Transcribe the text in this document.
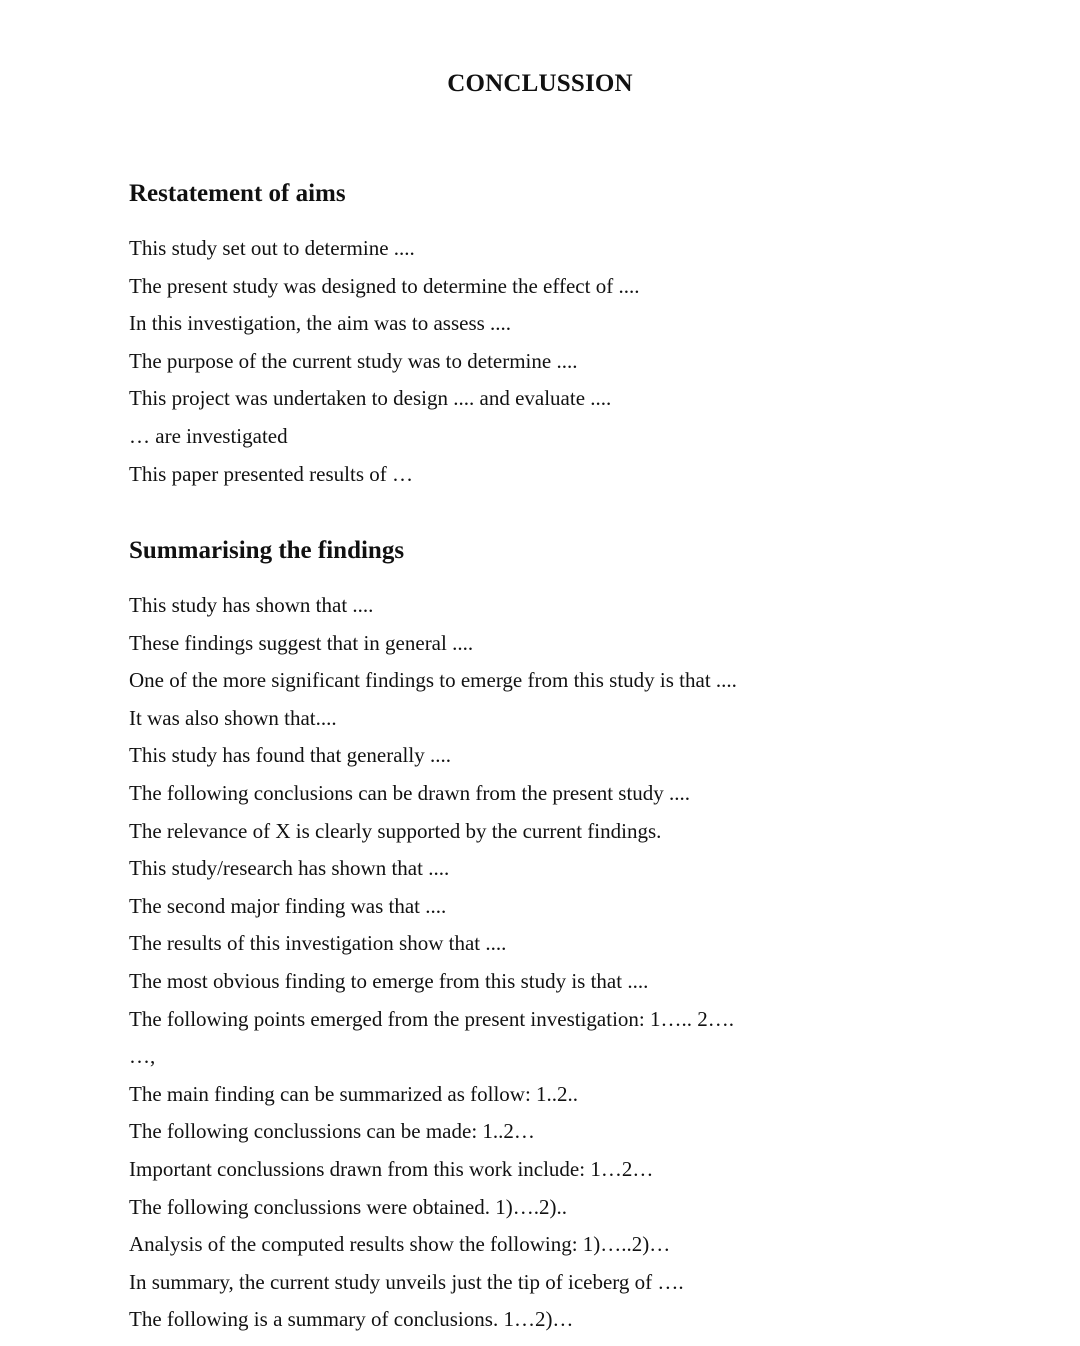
CONCLUSSION
Restatement of aims
This study set out to determine ....
The present study was designed to determine the effect of ....
In this investigation, the aim was to assess ....
The purpose of the current study was to determine ....
This project was undertaken to design .... and evaluate ....
… are investigated
This paper presented results of …
Summarising the findings
This study has shown that ....
These findings suggest that in general ....
One of the more significant findings to emerge from this study is that ....
It was also shown that....
This study has found that generally ....
The following conclusions can be drawn from the present study ....
The relevance of X is clearly supported by the current findings.
This study/research has shown that ....
The second major finding was that ....
The results of this investigation show that ....
The most obvious finding to emerge from this study is that ....
The following points emerged from the present investigation: 1….. 2….
…,
The main finding can be summarized as follow: 1..2..
The following conclussions can be made: 1..2…
Important conclussions drawn from this work include: 1…2…
The following conclussions were obtained. 1)….2)..
Analysis of the computed results show the following: 1)…..2)…
In summary, the current study unveils just the tip of iceberg of ….
The following is a summary of conclusions. 1…2)…
